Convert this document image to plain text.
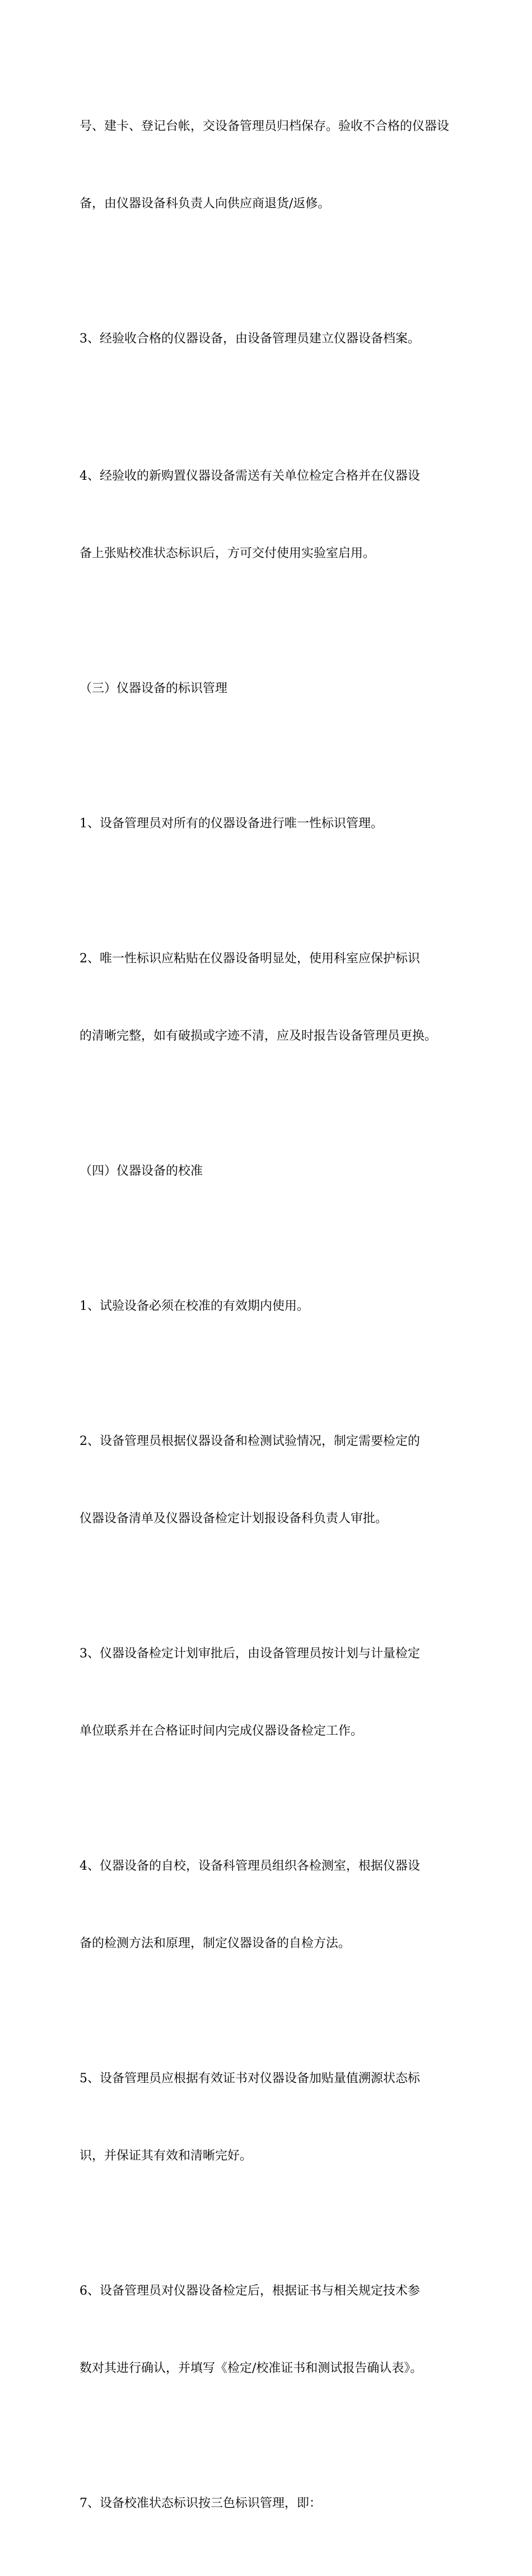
号、建卡、登记台帐，交设备管理员归档保存。验收不合格的仪器设

备，由仪器设备科负责人向供应商退货/返修。

3、经验收合格的仪器设备，由设备管理员建立仪器设备档案。

4、经验收的新购置仪器设备需送有关单位检定合格并在仪器设

备上张贴校准状态标识后，方可交付使用实验室启用。

（三）仪器设备的标识管理

1、设备管理员对所有的仪器设备进行唯一性标识管理。

2、唯一性标识应粘贴在仪器设备明显处，使用科室应保护标识

的清晰完整，如有破损或字迹不清，应及时报告设备管理员更换。

（四）仪器设备的校准

1、试验设备必须在校准的有效期内使用。

2、设备管理员根据仪器设备和检测试验情况，制定需要检定的

仪器设备清单及仪器设备检定计划报设备科负责人审批。

3、仪器设备检定计划审批后，由设备管理员按计划与计量检定

单位联系并在合格证时间内完成仪器设备检定工作。

4、仪器设备的自校，设备科管理员组织各检测室，根据仪器设

备的检测方法和原理，制定仪器设备的自检方法。

5、设备管理员应根据有效证书对仪器设备加贴量值溯源状态标

识，并保证其有效和清晰完好。

6、设备管理员对仪器设备检定后，根据证书与相关规定技术参

数对其进行确认，并填写《检定/校准证书和测试报告确认表》。

7、设备校准状态标识按三色标识管理，即：
